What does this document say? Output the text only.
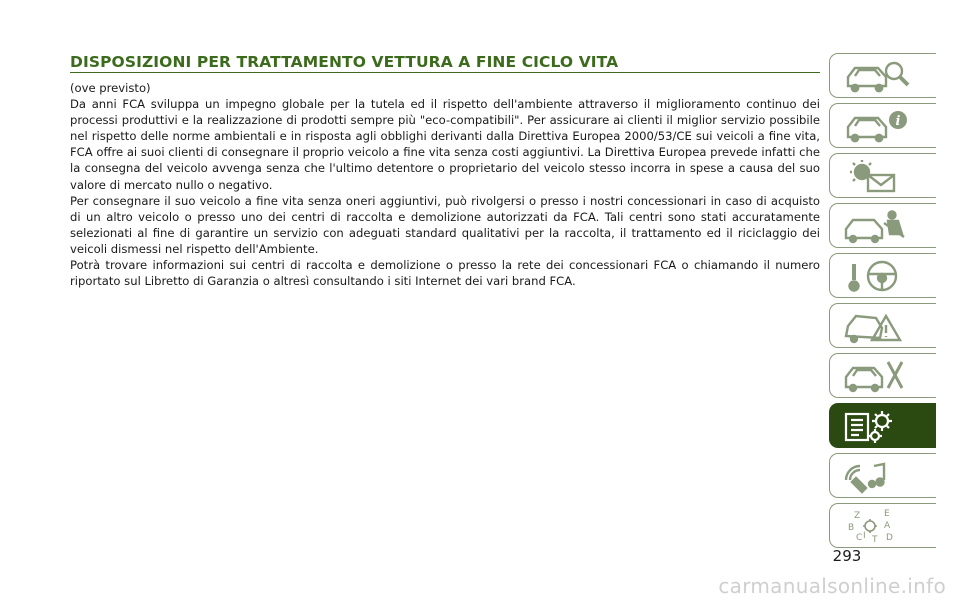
DISPOSIZIONI PER TRATTAMENTO VETTURA A FINE CICLO VITA

(ove previsto)

Da anni FCA sviluppa un impegno globale per la tutela ed il rispetto dell'ambiente attraverso il miglioramento continuo dei processi produttivi e la realizzazione di prodotti sempre più "eco-compatibili". Per assicurare ai clienti il miglior servizio possibile nel rispetto delle norme ambientali e in risposta agli obblighi derivanti dalla Direttiva Europea 2000/53/CE sui veicoli a fine vita, FCA offre ai suoi clienti di consegnare il proprio veicolo a fine vita senza costi aggiuntivi. La Direttiva Europea prevede infatti che la consegna del veicolo avvenga senza che l'ultimo detentore o proprietario del veicolo stesso incorra in spese a causa del suo valore di mercato nullo o negativo.

Per consegnare il suo veicolo a fine vita senza oneri aggiuntivi, può rivolgersi o presso i nostri concessionari in caso di acquisto di un altro veicolo o presso uno dei centri di raccolta e demolizione autorizzati da FCA. Tali centri sono stati accuratamente selezionati al fine di garantire un servizio con adeguati standard qualitativi per la raccolta, il trattamento ed il riciclaggio dei veicoli dismessi nel rispetto dell'Ambiente.

Potrà trovare informazioni sui centri di raccolta e demolizione o presso la rete dei concessionari FCA o chiamando il numero riportato sul Libretto di Garanzia o altresì consultando i siti Internet dei vari brand FCA.

i
Z	E
B	A
C	D
I T
293
carmanualsonline.info
